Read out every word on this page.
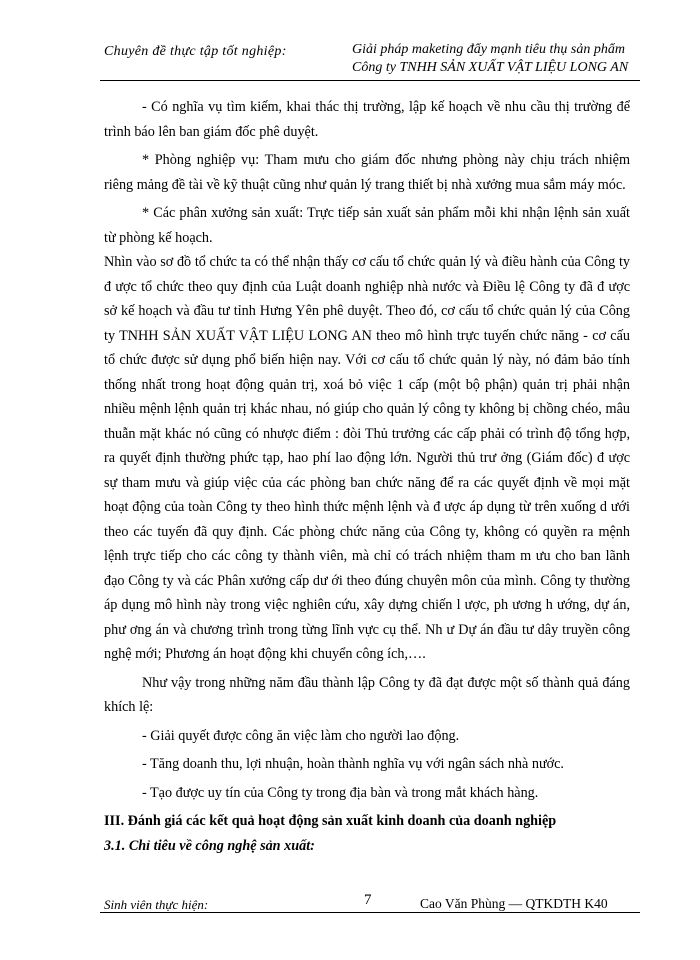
Chuyên đề thực tập tốt nghiệp:	Giải pháp maketing đẩy mạnh tiêu thụ sản phẩm
Công ty TNHH SẢN XUẤT VẬT LIỆU LONG AN

- Có nghĩa vụ tìm kiếm, khai thác thị trường, lập kế hoạch về nhu cầu thị trường để trình báo lên ban giám đốc phê duyệt.

* Phòng nghiệp vụ: Tham mưu cho giám đốc nhưng phòng này chịu trách nhiệm riêng mảng đề tài về kỹ thuật cũng như quản lý trang thiết bị nhà xưởng mua sắm máy móc.

* Các phân xưởng sản xuất: Trực tiếp sản xuất sản phẩm mỗi khi nhận lệnh sản xuất từ phòng kế hoạch.

Nhìn vào sơ đồ tổ chức ta có thể nhận thấy cơ cấu tổ chức quản lý và điều hành của Công ty đ ược tổ chức theo quy định của Luật doanh nghiệp nhà nước và Điều lệ Công ty đã đ ược sở kế hoạch và đầu tư tỉnh Hưng Yên phê duyệt. Theo đó, cơ cấu tổ chức quản lý của Công ty TNHH SẢN XUẤT VẬT LIỆU LONG AN theo mô hình trực tuyến chức năng - cơ cấu tổ chức được sử dụng phổ biến hiện nay. Với cơ cấu tổ chức quản lý này, nó đảm bảo tính thống nhất trong hoạt động quản trị, xoá bỏ việc 1 cấp (một bộ phận) quản trị phải nhận nhiều mệnh lệnh quản trị khác nhau, nó giúp cho quản lý công ty không bị chồng chéo, mâu thuẫn mặt khác nó cũng có nhược điểm : đòi Thủ trưởng các cấp phải có trình độ tổng hợp, ra quyết định thường phức tạp, hao phí lao động lớn. Người thủ trư ởng (Giám đốc) đ ược sự tham mưu và giúp việc của các phòng ban chức năng để ra các quyết định về mọi mặt hoạt động của toàn Công ty theo hình thức mệnh lệnh và đ ược áp dụng từ trên xuống d ưới theo các tuyến đã quy định. Các phòng chức năng của Công ty, không có quyền ra mệnh lệnh trực tiếp cho các công ty thành viên, mà chỉ có trách nhiệm tham m ưu cho ban lãnh đạo Công ty và các Phân xưởng cấp dư ới theo đúng chuyên môn của mình. Công ty thường áp dụng mô hình này trong việc nghiên cứu, xây dựng chiến l ược, ph ương h ướng, dự án, phư ơng án và chương trình trong từng lĩnh vực cụ thể. Nh ư Dự án đầu tư dây truyền công nghệ mới; Phương án hoạt động khi chuyển công ích,….

Như vậy trong những năm đầu thành lập Công ty đã đạt được một số thành quả đáng khích lệ:

- Giải quyết được công ăn việc làm cho người lao động.

- Tăng doanh thu, lợi nhuận, hoàn thành nghĩa vụ với ngân sách nhà nước.

- Tạo được uy tín của Công ty trong địa bàn và trong mắt khách hàng.

III. Đánh giá các kết quả hoạt động sản xuất kinh doanh của doanh nghiệp

3.1. Chỉ tiêu về công nghệ sản xuất:

Sinh viên thực hiện:	7	Cao Văn Phùng — QTKDTH K40
